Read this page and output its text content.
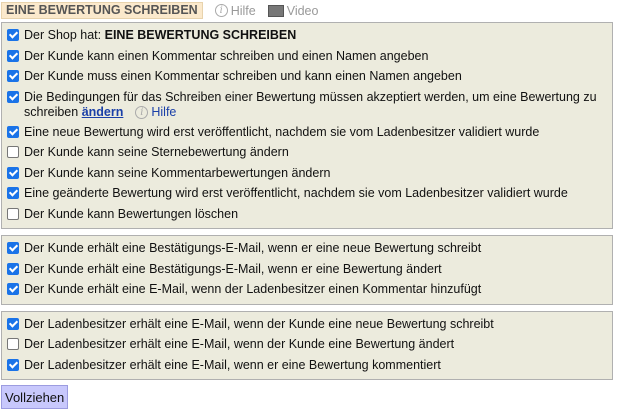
EINE BEWERTUNG SCHREIBEN	i Hilfe Video
Der Shop hat: EINE BEWERTUNG SCHREIBEN
Der Kunde kann einen Kommentar schreiben und einen Namen angeben
Der Kunde muss einen Kommentar schreiben und kann einen Namen angeben
Die Bedingungen für das Schreiben einer Bewertung müssen akzeptiert werden, um eine Bewertung zu schreiben ändern	i Hilfe
Eine neue Bewertung wird erst veröffentlicht, nachdem sie vom Ladenbesitzer validiert wurde
Der Kunde kann seine Sternebewertung ändern
Der Kunde kann seine Kommentarbewertungen ändern
Eine geänderte Bewertung wird erst veröffentlicht, nachdem sie vom Ladenbesitzer validiert wurde
Der Kunde kann Bewertungen löschen
Der Kunde erhält eine Bestätigungs-E-Mail, wenn er eine neue Bewertung schreibt
Der Kunde erhält eine Bestätigungs-E-Mail, wenn er eine Bewertung ändert
Der Kunde erhält eine E-Mail, wenn der Ladenbesitzer einen Kommentar hinzufügt
Der Ladenbesitzer erhält eine E-Mail, wenn der Kunde eine neue Bewertung schreibt
Der Ladenbesitzer erhält eine E-Mail, wenn der Kunde eine Bewertung ändert
Der Ladenbesitzer erhält eine E-Mail, wenn er eine Bewertung kommentiert
Vollziehen
